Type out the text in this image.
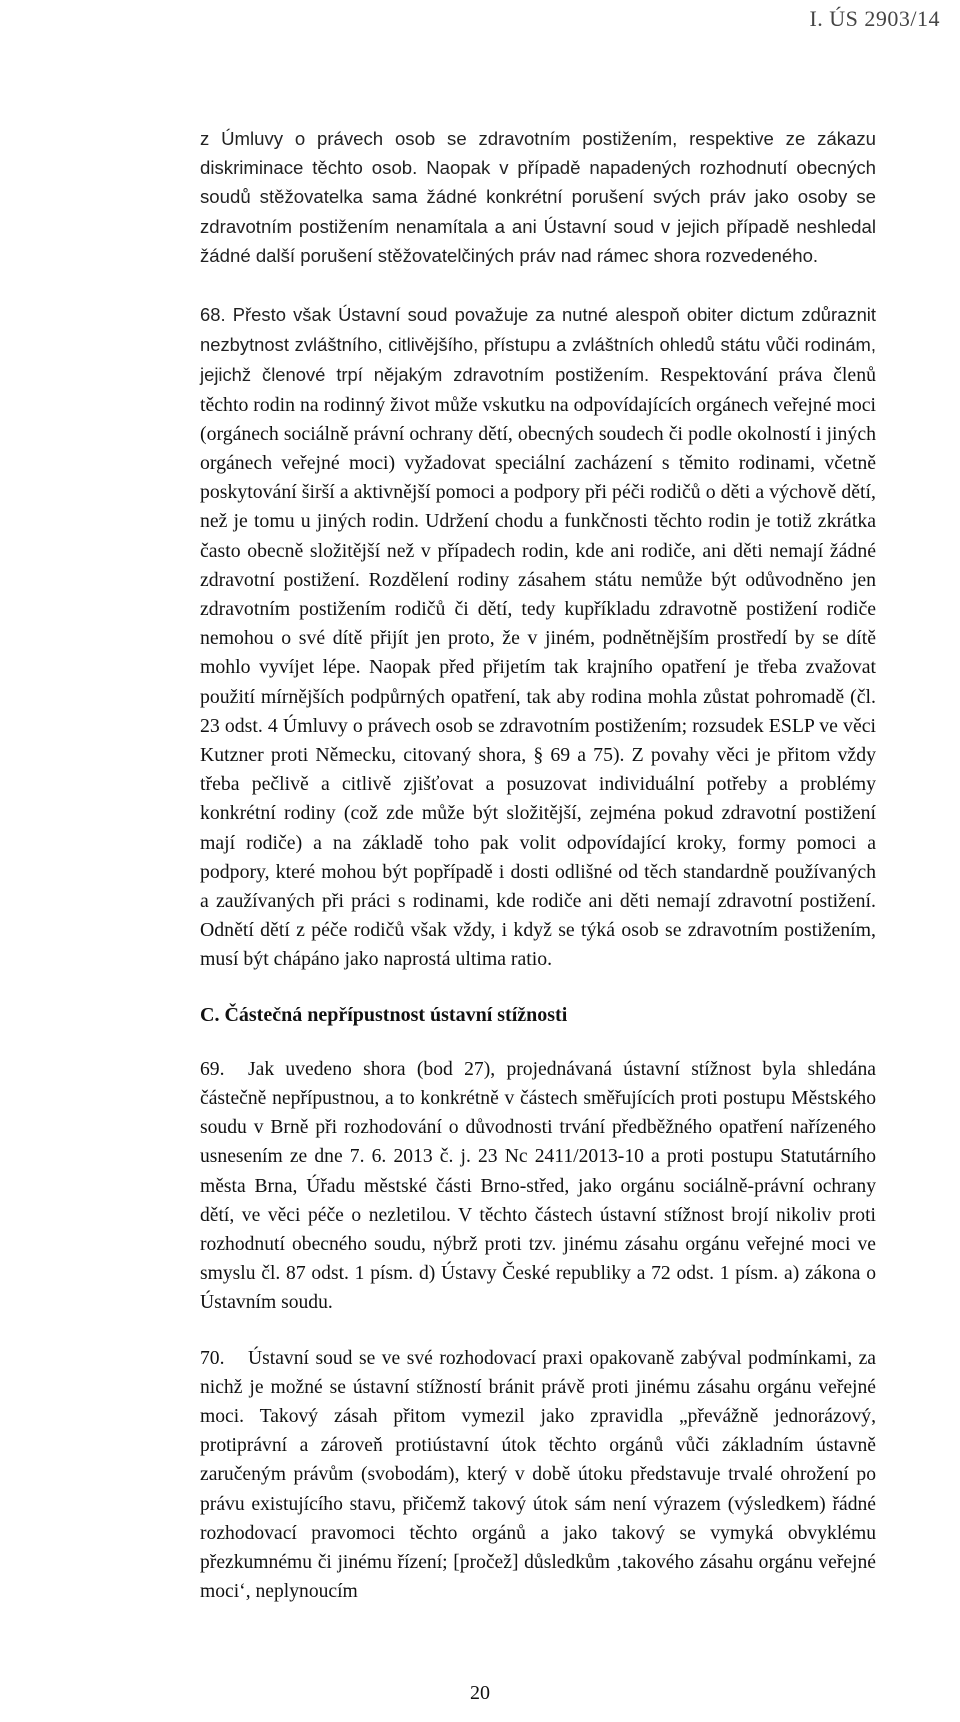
I. ÚS 2903/14

z Úmluvy o právech osob se zdravotním postižením, respektive ze zákazu diskriminace těchto osob. Naopak v případě napadených rozhodnutí obecných soudů stěžovatelka sama žádné konkrétní porušení svých práv jako osoby se zdravotním postižením nenamítala a ani Ústavní soud v jejich případě neshledal žádné další porušení stěžovatelčiných práv nad rámec shora rozvedeného.

68. Přesto však Ústavní soud považuje za nutné alespoň obiter dictum zdůraznit nezbytnost zvláštního, citlivějšího, přístupu a zvláštních ohledů státu vůči rodinám, jejichž členové trpí nějakým zdravotním postižením. Respektování práva členů těchto rodin na rodinný život může vskutku na odpovídajících orgánech veřejné moci (orgánech sociálně právní ochrany dětí, obecných soudech či podle okolností i jiných orgánech veřejné moci) vyžadovat speciální zacházení s těmito rodinami, včetně poskytování širší a aktivnější pomoci a podpory při péči rodičů o děti a výchově dětí, než je tomu u jiných rodin. Udržení chodu a funkčnosti těchto rodin je totiž zkrátka často obecně složitější než v případech rodin, kde ani rodiče, ani děti nemají žádné zdravotní postižení. Rozdělení rodiny zásahem státu nemůže být odůvodněno jen zdravotním postižením rodičů či dětí, tedy kupříkladu zdravotně postižení rodiče nemohou o své dítě přijít jen proto, že v jiném, podnětnějším prostředí by se dítě mohlo vyvíjet lépe. Naopak před přijetím tak krajního opatření je třeba zvažovat použití mírnějších podpůrných opatření, tak aby rodina mohla zůstat pohromadě (čl. 23 odst. 4 Úmluvy o právech osob se zdravotním postižením; rozsudek ESLP ve věci Kutzner proti Německu, citovaný shora, § 69 a 75). Z povahy věci je přitom vždy třeba pečlivě a citlivě zjišťovat a posuzovat individuální potřeby a problémy konkrétní rodiny (což zde může být složitější, zejména pokud zdravotní postižení mají rodiče) a na základě toho pak volit odpovídající kroky, formy pomoci a podpory, které mohou být popřípadě i dosti odlišné od těch standardně používaných a zaužívaných při práci s rodinami, kde rodiče ani děti nemají zdravotní postižení. Odnětí dětí z péče rodičů však vždy, i když se týká osob se zdravotním postižením, musí být chápáno jako naprostá ultima ratio.

C. Částečná nepřípustnost ústavní stížnosti

69. Jak uvedeno shora (bod 27), projednávaná ústavní stížnost byla shledána částečně nepřípustnou, a to konkrétně v částech směřujících proti postupu Městského soudu v Brně při rozhodování o důvodnosti trvání předběžného opatření nařízeného usnesením ze dne 7. 6. 2013 č. j. 23 Nc 2411/2013-10 a proti postupu Statutárního města Brna, Úřadu městské části Brno-střed, jako orgánu sociálně-právní ochrany dětí, ve věci péče o nezletilou. V těchto částech ústavní stížnost brojí nikoliv proti rozhodnutí obecného soudu, nýbrž proti tzv. jinému zásahu orgánu veřejné moci ve smyslu čl. 87 odst. 1 písm. d) Ústavy České republiky a 72 odst. 1 písm. a) zákona o Ústavním soudu.

70. Ústavní soud se ve své rozhodovací praxi opakovaně zabýval podmínkami, za nichž je možné se ústavní stížností bránit právě proti jinému zásahu orgánu veřejné moci. Takový zásah přitom vymezil jako zpravidla „převážně jednorázový, protiprávní a zároveň protiústavní útok těchto orgánů vůči základním ústavně zaručeným právům (svobodám), který v době útoku představuje trvalé ohrožení po právu existujícího stavu, přičemž takový útok sám není výrazem (výsledkem) řádné rozhodovací pravomoci těchto orgánů a jako takový se vymyká obvyklému přezkumnému či jinému řízení; [pročež] důsledkům ‚takového zásahu orgánu veřejné moci‘, neplynoucím

20
